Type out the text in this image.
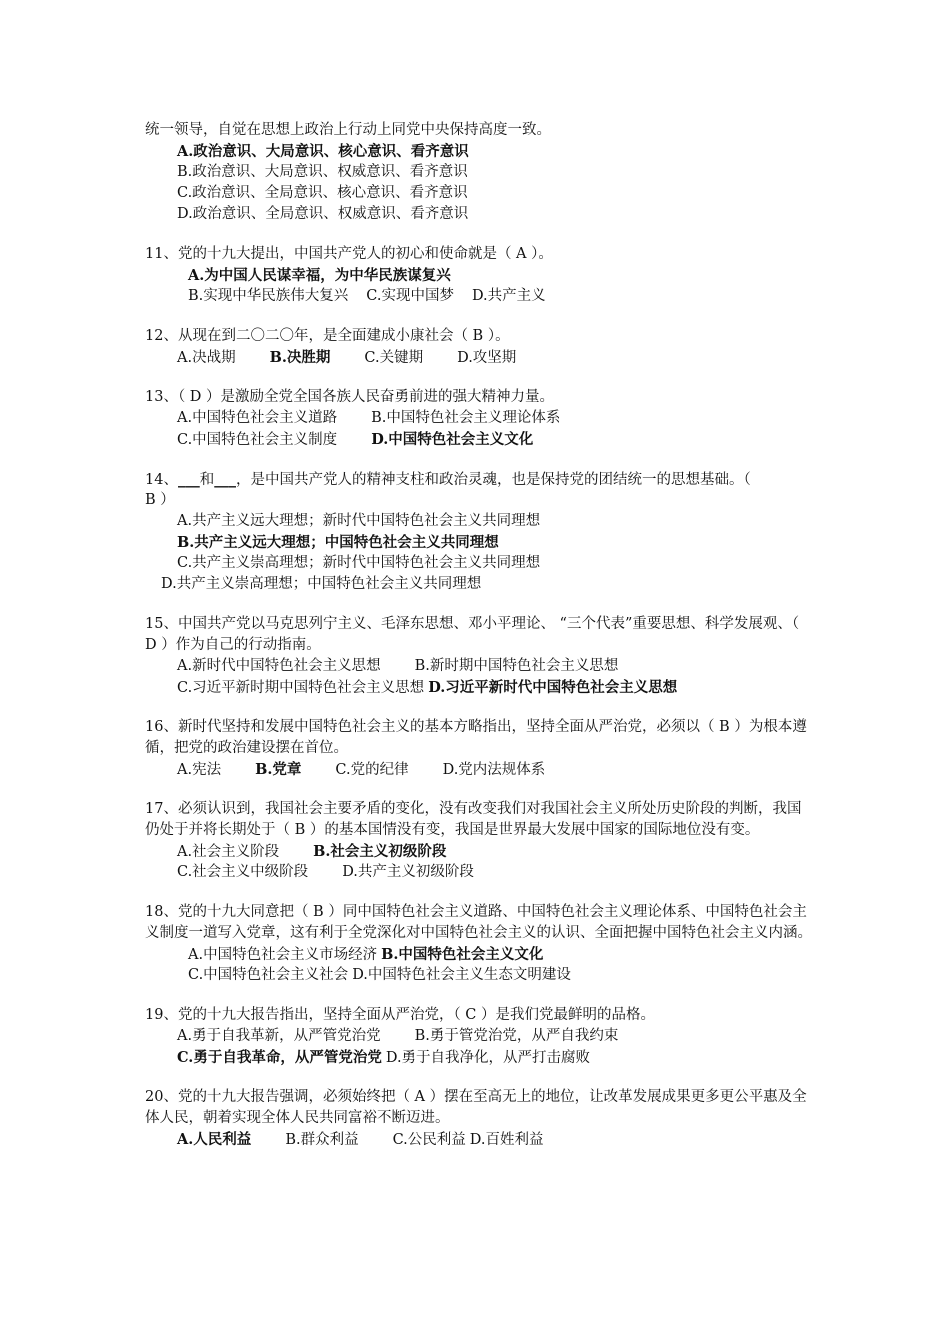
统一领导，自觉在思想上政治上行动上同党中央保持高度一致。
A.政治意识、大局意识、核心意识、看齐意识
B.政治意识、大局意识、权威意识、看齐意识
C.政治意识、全局意识、核心意识、看齐意识
D.政治意识、全局意识、权威意识、看齐意识
11、党的十九大提出，中国共产党人的初心和使命就是（ A ）。
A.为中国人民谋幸福，为中华民族谋复兴
B.实现中华民族伟大复兴 C.实现中国梦 D.共产主义
12、从现在到二〇二〇年，是全面建成小康社会（ B ）。
A.决战期 B.决胜期 C.关键期 D.攻坚期
13、（ D ）是激励全党全国各族人民奋勇前进的强大精神力量。
A.中国特色社会主义道路 B.中国特色社会主义理论体系
C.中国特色社会主义制度 D.中国特色社会主义文化
14、___和___，是中国共产党人的精神支柱和政治灵魂，也是保持党的团结统一的思想基础。（
B ）
A.共产主义远大理想；新时代中国特色社会主义共同理想
B.共产主义远大理想；中国特色社会主义共同理想
C.共产主义崇高理想；新时代中国特色社会主义共同理想
D.共产主义崇高理想；中国特色社会主义共同理想
15、中国共产党以马克思列宁主义、毛泽东思想、邓小平理论、 “三个代表”重要思想、科学发展观、（ D ）作为自己的行动指南。
A.新时代中国特色社会主义思想 B.新时期中国特色社会主义思想
C.习近平新时期中国特色社会主义思想 D.习近平新时代中国特色社会主义思想
16、新时代坚持和发展中国特色社会主义的基本方略指出，坚持全面从严治党，必须以（ B ）为根本遵循，把党的政治建设摆在首位。
A.宪法 B.党章 C.党的纪律 D.党内法规体系
17、必须认识到，我国社会主要矛盾的变化，没有改变我们对我国社会主义所处历史阶段的判断，我国仍处于并将长期处于（ B ）的基本国情没有变，我国是世界最大发展中国家的国际地位没有变。
A.社会主义阶段 B.社会主义初级阶段
C.社会主义中级阶段 D.共产主义初级阶段
18、党的十九大同意把（ B ）同中国特色社会主义道路、中国特色社会主义理论体系、中国特色社会主义制度一道写入党章，这有利于全党深化对中国特色社会主义的认识、全面把握中国特色社会主义内涵。
A.中国特色社会主义市场经济 B.中国特色社会主义文化
C.中国特色社会主义社会 D.中国特色社会主义生态文明建设
19、党的十九大报告指出，坚持全面从严治党，（ C ）是我们党最鲜明的品格。
A.勇于自我革新，从严管党治党 B.勇于管党治党，从严自我约束
C.勇于自我革命，从严管党治党 D.勇于自我净化，从严打击腐败
20、党的十九大报告强调，必须始终把（ A ）摆在至高无上的地位，让改革发展成果更多更公平惠及全体人民，朝着实现全体人民共同富裕不断迈进。
A.人民利益 B.群众利益 C.公民利益 D.百姓利益
